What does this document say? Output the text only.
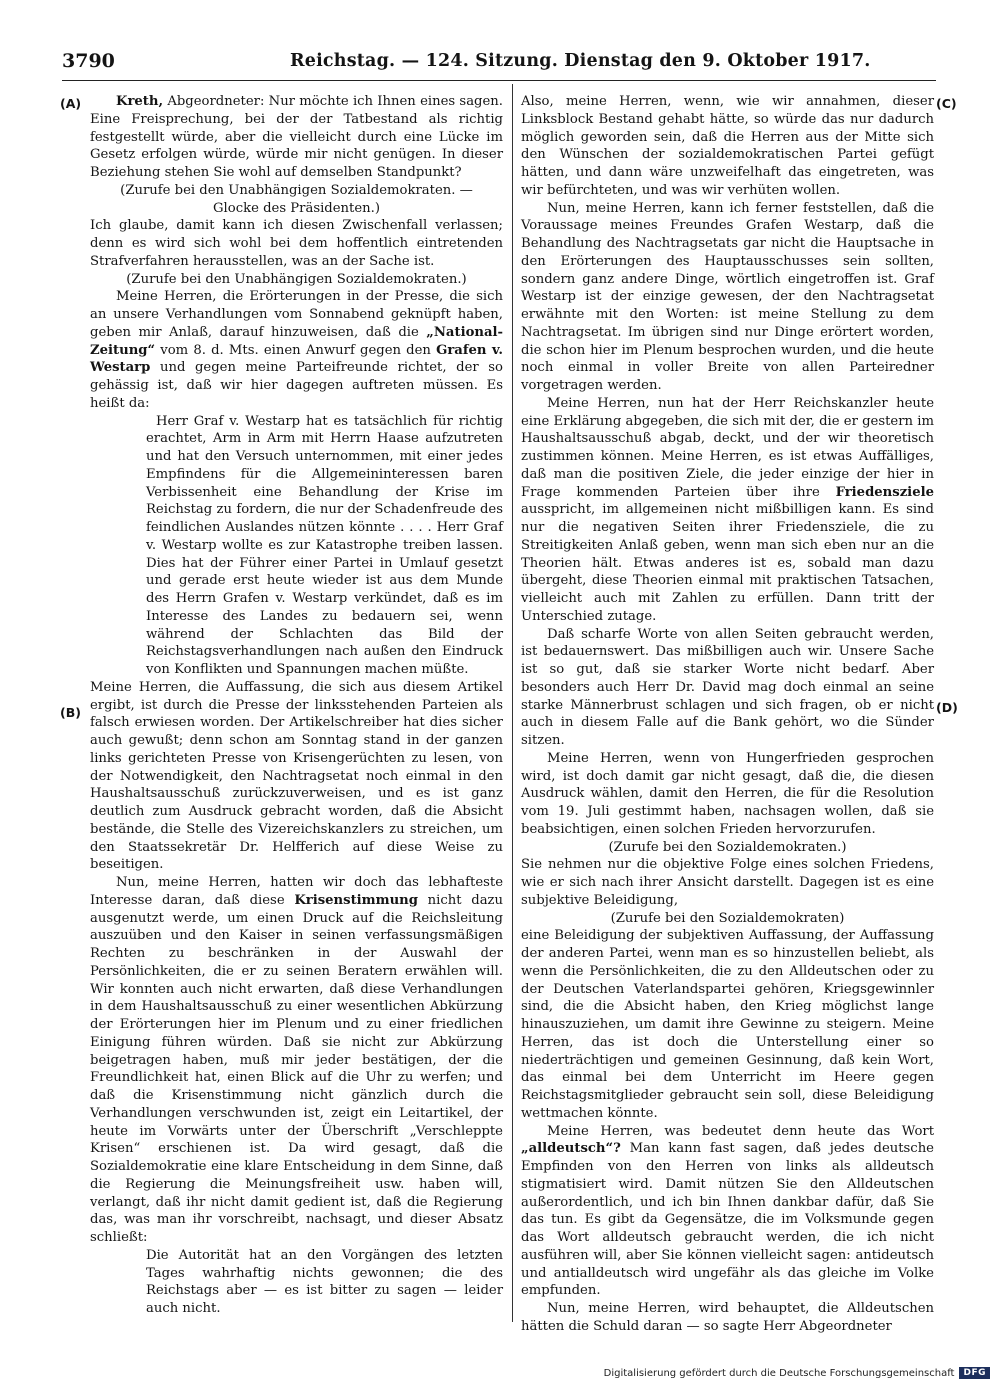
3790	Reichstag. — 124. Sitzung. Dienstag den 9. Oktober 1917.
(A)
(B)
(C)
(D)

Kreth, Abgeordneter: Nur möchte ich Ihnen eines sagen. Eine Freisprechung, bei der der Tatbestand als richtig festgestellt würde, aber die vielleicht durch eine Lücke im Gesetz erfolgen würde, würde mir nicht genügen. In dieser Beziehung stehen Sie wohl auf demselben Standpunkt?

(Zurufe bei den Unabhängigen Sozialdemokraten. —

Glocke des Präsidenten.)

Ich glaube, damit kann ich diesen Zwischenfall verlassen; denn es wird sich wohl bei dem hoffentlich eintretenden Strafverfahren herausstellen, was an der Sache ist.

(Zurufe bei den Unabhängigen Sozialdemokraten.)

Meine Herren, die Erörterungen in der Presse, die sich an unsere Verhandlungen vom Sonnabend geknüpft haben, geben mir Anlaß, darauf hinzuweisen, daß die „National-Zeitung“ vom 8. d. Mts. einen Anwurf gegen den Grafen v. Westarp und gegen meine Parteifreunde richtet, der so gehässig ist, daß wir hier dagegen auftreten müssen. Es heißt da:

Herr Graf v. Westarp hat es tatsächlich für richtig erachtet, Arm in Arm mit Herrn Haase aufzutreten und hat den Versuch unternommen, mit einer jedes Empfindens für die Allgemeininteressen baren Verbissenheit eine Behandlung der Krise im Reichstag zu fordern, die nur der Schadenfreude des feindlichen Auslandes nützen könnte . . . . Herr Graf v. Westarp wollte es zur Katastrophe treiben lassen. Dies hat der Führer einer Partei in Umlauf gesetzt und gerade erst heute wieder ist aus dem Munde des Herrn Grafen v. Westarp verkündet, daß es im Interesse des Landes zu bedauern sei, wenn während der Schlachten das Bild der Reichstagsverhandlungen nach außen den Eindruck von Konflikten und Spannungen machen müßte.

Meine Herren, die Auffassung, die sich aus diesem Artikel ergibt, ist durch die Presse der linksstehenden Parteien als falsch erwiesen worden. Der Artikelschreiber hat dies sicher auch gewußt; denn schon am Sonntag stand in der ganzen links gerichteten Presse von Krisengerüchten zu lesen, von der Notwendigkeit, den Nachtragsetat noch einmal in den Haushaltsausschuß zurückzuverweisen, und es ist ganz deutlich zum Ausdruck gebracht worden, daß die Absicht bestände, die Stelle des Vizereichskanzlers zu streichen, um den Staatssekretär Dr. Helfferich auf diese Weise zu beseitigen.

Nun, meine Herren, hatten wir doch das lebhafteste Interesse daran, daß diese Krisenstimmung nicht dazu ausgenutzt werde, um einen Druck auf die Reichsleitung auszuüben und den Kaiser in seinen verfassungsmäßigen Rechten zu beschränken in der Auswahl der Persönlichkeiten, die er zu seinen Beratern erwählen will. Wir konnten auch nicht erwarten, daß diese Verhandlungen in dem Haushaltsausschuß zu einer wesentlichen Abkürzung der Erörterungen hier im Plenum und zu einer friedlichen Einigung führen würden. Daß sie nicht zur Abkürzung beigetragen haben, muß mir jeder bestätigen, der die Freundlichkeit hat, einen Blick auf die Uhr zu werfen; und daß die Krisenstimmung nicht gänzlich durch die Verhandlungen verschwunden ist, zeigt ein Leitartikel, der heute im Vorwärts unter der Überschrift „Verschleppte Krisen“ erschienen ist. Da wird gesagt, daß die Sozialdemokratie eine klare Entscheidung in dem Sinne, daß die Regierung die Meinungsfreiheit usw. haben will, verlangt, daß ihr nicht damit gedient ist, daß die Regierung das, was man ihr vorschreibt, nachsagt, und dieser Absatz schließt:

Die Autorität hat an den Vorgängen des letzten Tages wahrhaftig nichts gewonnen; die des Reichstags aber — es ist bitter zu sagen — leider auch nicht.

Also, meine Herren, wenn, wie wir annahmen, dieser Linksblock Bestand gehabt hätte, so würde das nur dadurch möglich geworden sein, daß die Herren aus der Mitte sich den Wünschen der sozialdemokratischen Partei gefügt hätten, und dann wäre unzweifelhaft das eingetreten, was wir befürchteten, und was wir verhüten wollen.

Nun, meine Herren, kann ich ferner feststellen, daß die Voraussage meines Freundes Grafen Westarp, daß die Behandlung des Nachtragsetats gar nicht die Hauptsache in den Erörterungen des Hauptausschusses sein sollten, sondern ganz andere Dinge, wörtlich eingetroffen ist. Graf Westarp ist der einzige gewesen, der den Nachtragsetat erwähnte mit den Worten: ist meine Stellung zu dem Nachtragsetat. Im übrigen sind nur Dinge erörtert worden, die schon hier im Plenum besprochen wurden, und die heute noch einmal in voller Breite von allen Parteiredner vorgetragen werden.

Meine Herren, nun hat der Herr Reichskanzler heute eine Erklärung abgegeben, die sich mit der, die er gestern im Haushaltsausschuß abgab, deckt, und der wir theoretisch zustimmen können. Meine Herren, es ist etwas Auffälliges, daß man die positiven Ziele, die jeder einzige der hier in Frage kommenden Parteien über ihre Friedensziele ausspricht, im allgemeinen nicht mißbilligen kann. Es sind nur die negativen Seiten ihrer Friedensziele, die zu Streitigkeiten Anlaß geben, wenn man sich eben nur an die Theorien hält. Etwas anderes ist es, sobald man dazu übergeht, diese Theorien einmal mit praktischen Tatsachen, vielleicht auch mit Zahlen zu erfüllen. Dann tritt der Unterschied zutage.

Daß scharfe Worte von allen Seiten gebraucht werden, ist bedauernswert. Das mißbilligen auch wir. Unsere Sache ist so gut, daß sie starker Worte nicht bedarf. Aber besonders auch Herr Dr. David mag doch einmal an seine starke Männerbrust schlagen und sich fragen, ob er nicht auch in diesem Falle auf die Bank gehört, wo die Sünder sitzen.

Meine Herren, wenn von Hungerfrieden gesprochen wird, ist doch damit gar nicht gesagt, daß die, die diesen Ausdruck wählen, damit den Herren, die für die Resolution vom 19. Juli gestimmt haben, nachsagen wollen, daß sie beabsichtigen, einen solchen Frieden hervorzurufen.

(Zurufe bei den Sozialdemokraten.)

Sie nehmen nur die objektive Folge eines solchen Friedens, wie er sich nach ihrer Ansicht darstellt. Dagegen ist es eine subjektive Beleidigung,

(Zurufe bei den Sozialdemokraten)

eine Beleidigung der subjektiven Auffassung, der Auffassung der anderen Partei, wenn man es so hinzustellen beliebt, als wenn die Persönlichkeiten, die zu den Alldeutschen oder zu der Deutschen Vaterlandspartei gehören, Kriegsgewinnler sind, die die Absicht haben, den Krieg möglichst lange hinauszuziehen, um damit ihre Gewinne zu steigern. Meine Herren, das ist doch die Unterstellung einer so niederträchtigen und gemeinen Gesinnung, daß kein Wort, das einmal bei dem Unterricht im Heere gegen Reichstagsmitglieder gebraucht sein soll, diese Beleidigung wettmachen könnte.

Meine Herren, was bedeutet denn heute das Wort „alldeutsch“? Man kann fast sagen, daß jedes deutsche Empfinden von den Herren von links als alldeutsch stigmatisiert wird. Damit nützen Sie den Alldeutschen außerordentlich, und ich bin Ihnen dankbar dafür, daß Sie das tun. Es gibt da Gegensätze, die im Volksmunde gegen das Wort alldeutsch gebraucht werden, die ich nicht ausführen will, aber Sie können vielleicht sagen: antideutsch und antialldeutsch wird ungefähr als das gleiche im Volke empfunden.

Nun, meine Herren, wird behauptet, die Alldeutschen hätten die Schuld daran — so sagte Herr Abgeordneter

Digitalisierung gefördert durch die Deutsche Forschungsgemeinschaft	DFG
